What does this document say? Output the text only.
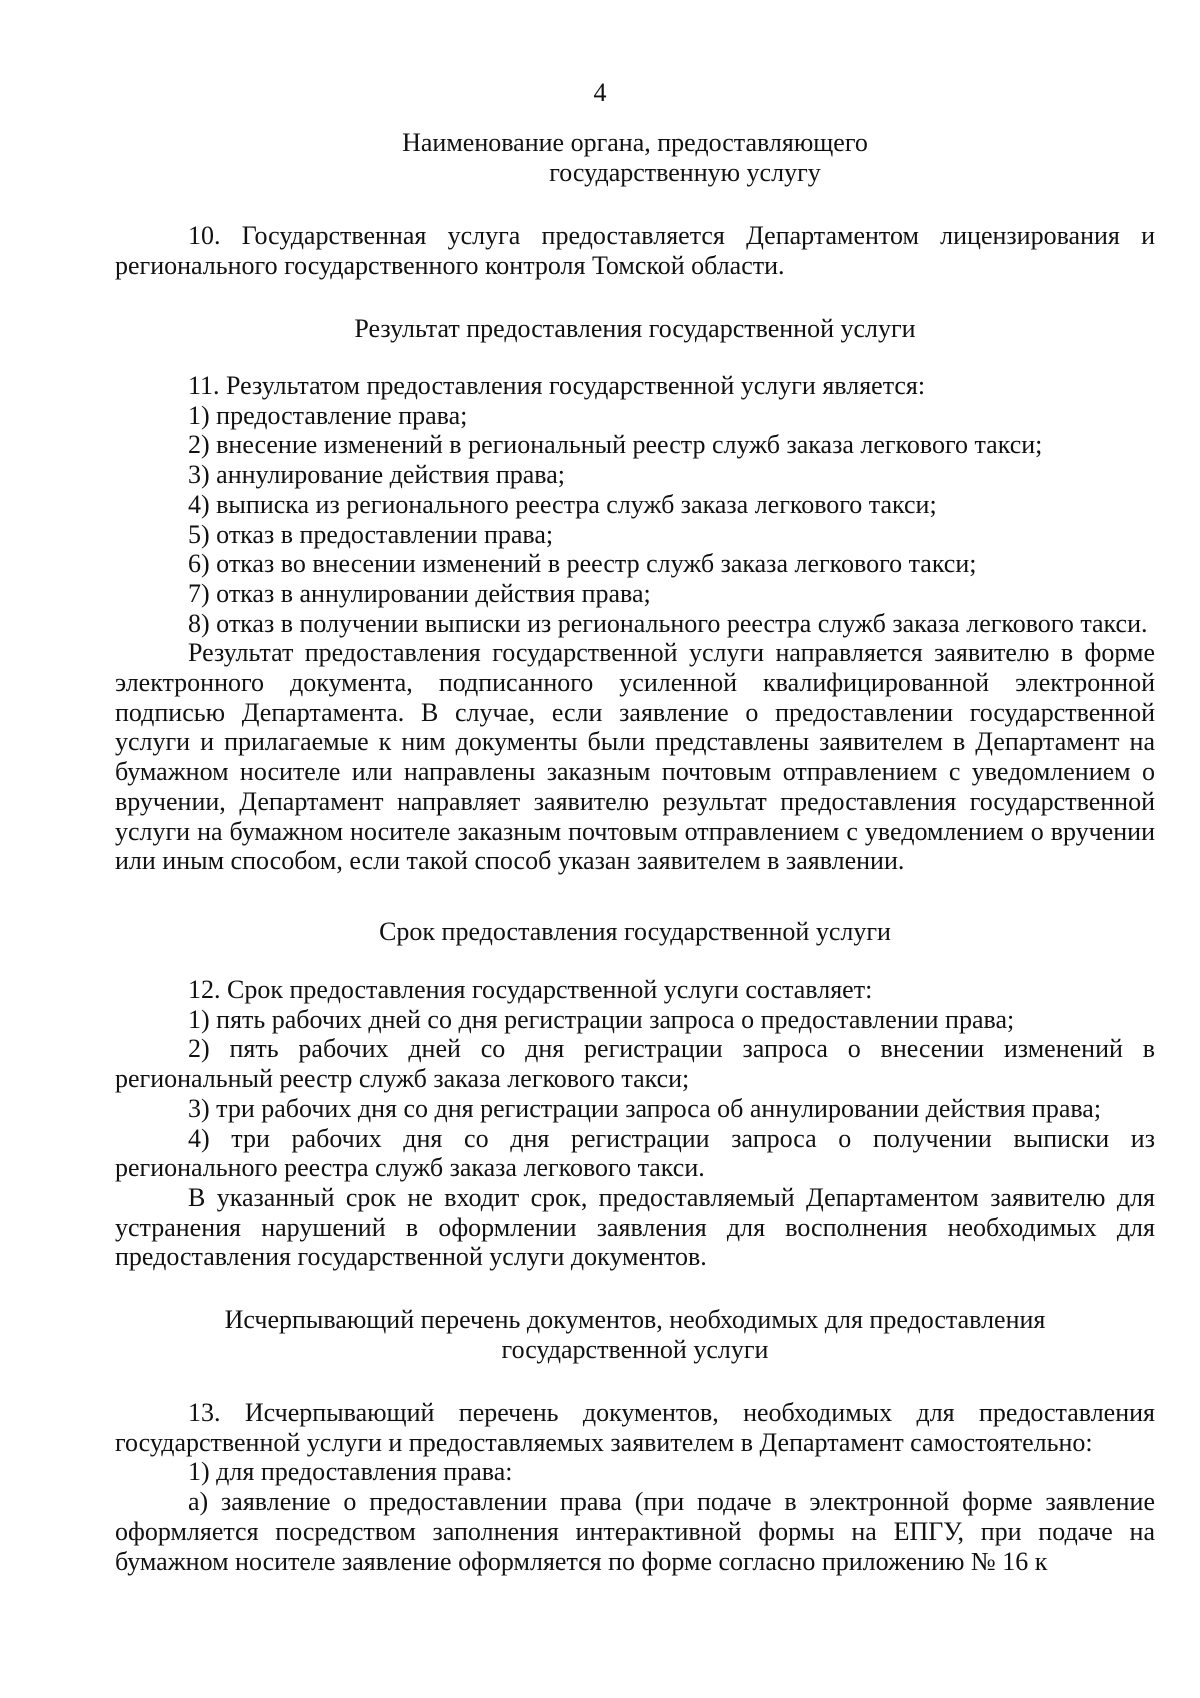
4
Наименование органа, предоставляющего
государственную услугу

10. Государственная услуга предоставляется Департаментом лицензирования и регионального государственного контроля Томской области.

Результат предоставления государственной услуги

11. Результатом предоставления государственной услуги является:

1) предоставление права;

2) внесение изменений в региональный реестр служб заказа легкового такси;

3) аннулирование действия права;

4) выписка из регионального реестра служб заказа легкового такси;

5) отказ в предоставлении права;

6) отказ во внесении изменений в реестр служб заказа легкового такси;

7) отказ в аннулировании действия права;

8) отказ в получении выписки из регионального реестра служб заказа легкового такси.

Результат предоставления государственной услуги направляется заявителю в форме электронного документа, подписанного усиленной квалифицированной электронной подписью Департамента. В случае, если заявление о предоставлении государственной услуги и прилагаемые к ним документы были представлены заявителем в Департамент на бумажном носителе или направлены заказным почтовым отправлением с уведомлением о вручении, Департамент направляет заявителю результат предоставления государственной услуги на бумажном носителе заказным почтовым отправлением с уведомлением о вручении или иным способом, если такой способ указан заявителем в заявлении.

Срок предоставления государственной услуги

12. Срок предоставления государственной услуги составляет:

1) пять рабочих дней со дня регистрации запроса о предоставлении права;

2) пять рабочих дней со дня регистрации запроса о внесении изменений в региональный реестр служб заказа легкового такси;

3) три рабочих дня со дня регистрации запроса об аннулировании действия права;

4) три рабочих дня со дня регистрации запроса о получении выписки из регионального реестра служб заказа легкового такси.

В указанный срок не входит срок, предоставляемый Департаментом заявителю для устранения нарушений в оформлении заявления для восполнения необходимых для предоставления государственной услуги документов.

Исчерпывающий перечень документов, необходимых для предоставления
государственной услуги

13. Исчерпывающий перечень документов, необходимых для предоставления государственной услуги и предоставляемых заявителем в Департамент самостоятельно:

1) для предоставления права:

а) заявление о предоставлении права (при подаче в электронной форме заявление оформляется посредством заполнения интерактивной формы на ЕПГУ, при подаче на бумажном носителе заявление оформляется по форме согласно приложению № 16 к
